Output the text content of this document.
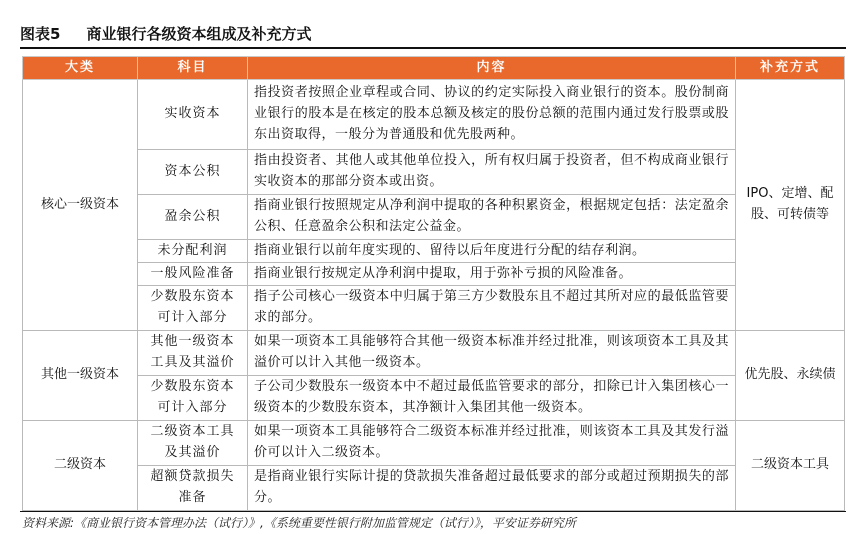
图表5 商业银行各级资本组成及补充方式
大类	科目	内容	补充方式
核心一级资本	实收资本	指投资者按照企业章程或合同、协议的约定实际投入商业银行的资本。股份制商业银行的股本是在核定的股本总额及核定的股份总额的范围内通过发行股票或股东出资取得，一般分为普通股和优先股两种。	IPO、定增、配股、可转债等
	资本公积	指由投资者、其他人或其他单位投入，所有权归属于投资者，但不构成商业银行实收资本的那部分资本或出资。	
	盈余公积	指商业银行按照规定从净利润中提取的各种积累资金，根据规定包括：法定盈余公积、任意盈余公积和法定公益金。	
	未分配利润	指商业银行以前年度实现的、留待以后年度进行分配的结存利润。	
	一般风险准备	指商业银行按规定从净利润中提取，用于弥补亏损的风险准备。	
	少数股东资本可计入部分	指子公司核心一级资本中归属于第三方少数股东且不超过其所对应的最低监管要求的部分。	
其他一级资本	其他一级资本工具及其溢价	如果一项资本工具能够符合其他一级资本标准并经过批准，则该项资本工具及其溢价可以计入其他一级资本。	优先股、永续债
	少数股东资本可计入部分	子公司少数股东一级资本中不超过最低监管要求的部分，扣除已计入集团核心一级资本的少数股东资本，其净额计入集团其他一级资本。	
二级资本	二级资本工具及其溢价	如果一项资本工具能够符合二级资本标准并经过批准，则该资本工具及其发行溢价可以计入二级资本。	二级资本工具
	超额贷款损失准备	是指商业银行实际计提的贷款损失准备超过最低要求的部分或超过预期损失的部分。	
资料来源:《商业银行资本管理办法（试行）》,《系统重要性银行附加监管规定（试行）》，平安证券研究所
